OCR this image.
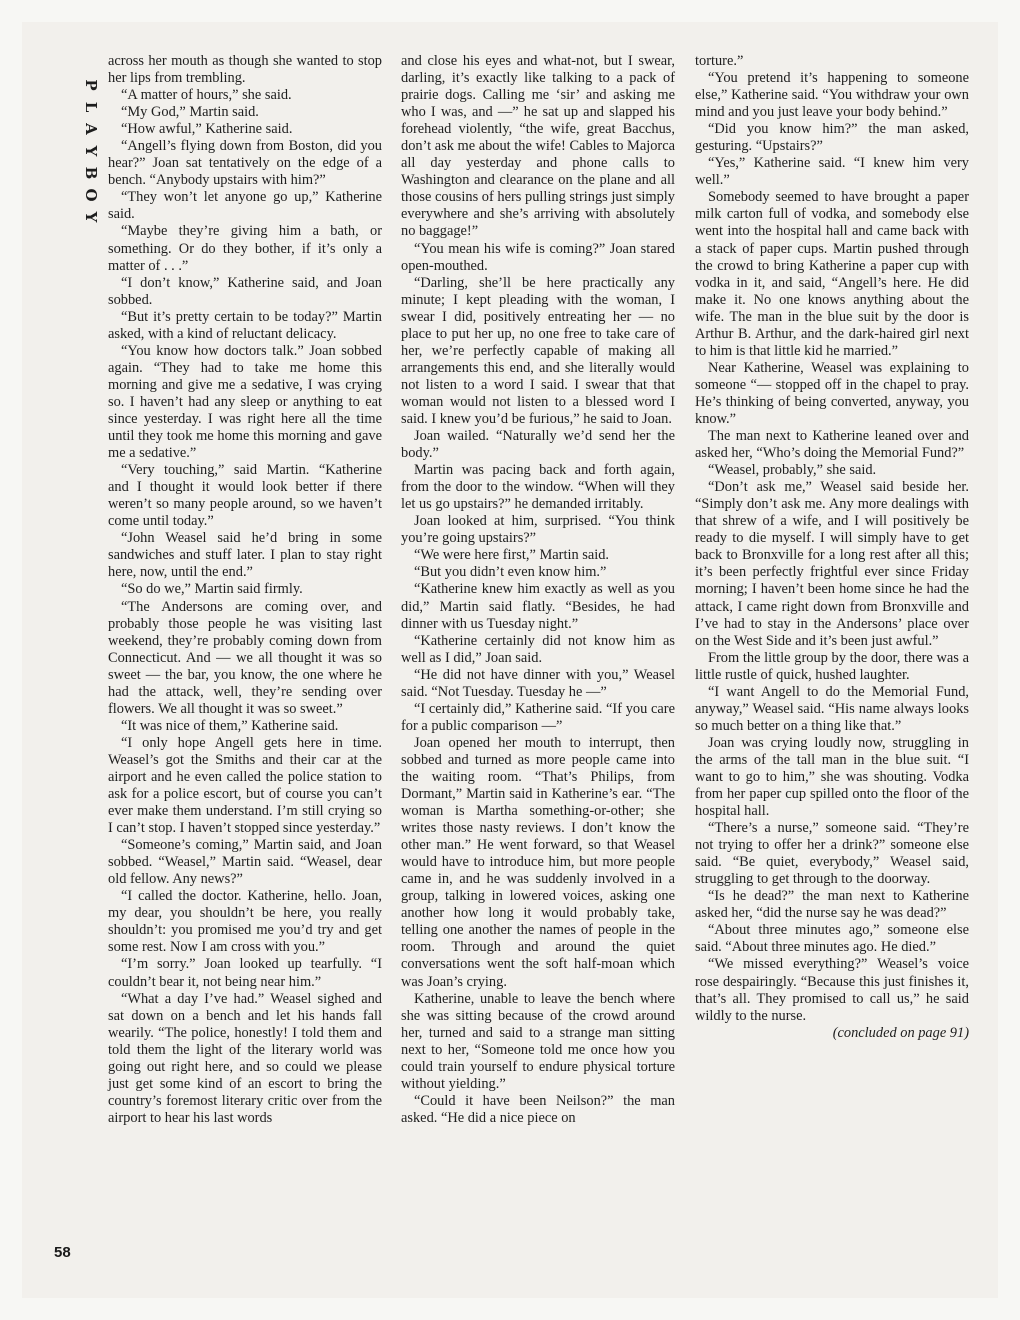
P
L
A
Y
B
O
Y
58

across her mouth as though she wanted to stop her lips from trembling.

“A matter of hours,” she said.

“My God,” Martin said.

“How awful,” Katherine said.

“Angell’s flying down from Boston, did you hear?” Joan sat tentatively on the edge of a bench. “Anybody upstairs with him?”

“They won’t let anyone go up,” Katherine said.

“Maybe they’re giving him a bath, or something. Or do they bother, if it’s only a matter of . . .”

“I don’t know,” Katherine said, and Joan sobbed.

“But it’s pretty certain to be today?” Martin asked, with a kind of reluctant delicacy.

“You know how doctors talk.” Joan sobbed again. “They had to take me home this morning and give me a sedative, I was crying so. I haven’t had any sleep or anything to eat since yesterday. I was right here all the time until they took me home this morning and gave me a sedative.”

“Very touching,” said Martin. “Katherine and I thought it would look better if there weren’t so many people around, so we haven’t come until today.”

“John Weasel said he’d bring in some sandwiches and stuff later. I plan to stay right here, now, until the end.”

“So do we,” Martin said firmly.

“The Andersons are coming over, and probably those people he was visiting last weekend, they’re probably coming down from Connecticut. And — we all thought it was so sweet — the bar, you know, the one where he had the attack, well, they’re sending over flowers. We all thought it was so sweet.”

“It was nice of them,” Katherine said.

“I only hope Angell gets here in time. Weasel’s got the Smiths and their car at the airport and he even called the police station to ask for a police escort, but of course you can’t ever make them understand. I’m still crying so I can’t stop. I haven’t stopped since yesterday.”

“Someone’s coming,” Martin said, and Joan sobbed. “Weasel,” Martin said. “Weasel, dear old fellow. Any news?”

“I called the doctor. Katherine, hello. Joan, my dear, you shouldn’t be here, you really shouldn’t: you promised me you’d try and get some rest. Now I am cross with you.”

“I’m sorry.” Joan looked up tearfully. “I couldn’t bear it, not being near him.”

“What a day I’ve had.” Weasel sighed and sat down on a bench and let his hands fall wearily. “The police, honestly! I told them and told them the light of the literary world was going out right here, and so could we please just get some kind of an escort to bring the country’s foremost literary critic over from the airport to hear his last words

and close his eyes and what-not, but I swear, darling, it’s exactly like talking to a pack of prairie dogs. Calling me ‘sir’ and asking me who I was, and —” he sat up and slapped his forehead violently, “the wife, great Bacchus, don’t ask me about the wife! Cables to Majorca all day yesterday and phone calls to Washington and clearance on the plane and all those cousins of hers pulling strings just simply everywhere and she’s arriving with absolutely no baggage!”

“You mean his wife is coming?” Joan stared open-mouthed.

“Darling, she’ll be here practically any minute; I kept pleading with the woman, I swear I did, positively entreating her — no place to put her up, no one free to take care of her, we’re perfectly capable of making all arrangements this end, and she literally would not listen to a word I said. I swear that that woman would not listen to a blessed word I said. I knew you’d be furious,” he said to Joan.

Joan wailed. “Naturally we’d send her the body.”

Martin was pacing back and forth again, from the door to the window. “When will they let us go upstairs?” he demanded irritably.

Joan looked at him, surprised. “You think you’re going upstairs?”

“We were here first,” Martin said.

“But you didn’t even know him.”

“Katherine knew him exactly as well as you did,” Martin said flatly. “Besides, he had dinner with us Tuesday night.”

“Katherine certainly did not know him as well as I did,” Joan said.

“He did not have dinner with you,” Weasel said. “Not Tuesday. Tuesday he —”

“I certainly did,” Katherine said. “If you care for a public comparison —”

Joan opened her mouth to interrupt, then sobbed and turned as more people came into the waiting room. “That’s Philips, from Dormant,” Martin said in Katherine’s ear. “The woman is Martha something-or-other; she writes those nasty reviews. I don’t know the other man.” He went forward, so that Weasel would have to introduce him, but more people came in, and he was suddenly involved in a group, talking in lowered voices, asking one another how long it would probably take, telling one another the names of people in the room. Through and around the quiet conversations went the soft half-moan which was Joan’s crying.

Katherine, unable to leave the bench where she was sitting because of the crowd around her, turned and said to a strange man sitting next to her, “Someone told me once how you could train yourself to endure physical torture without yielding.”

“Could it have been Neilson?” the man asked. “He did a nice piece on

torture.”

“You pretend it’s happening to someone else,” Katherine said. “You withdraw your own mind and you just leave your body behind.”

“Did you know him?” the man asked, gesturing. “Upstairs?”

“Yes,” Katherine said. “I knew him very well.”

Somebody seemed to have brought a paper milk carton full of vodka, and somebody else went into the hospital hall and came back with a stack of paper cups. Martin pushed through the crowd to bring Katherine a paper cup with vodka in it, and said, “Angell’s here. He did make it. No one knows anything about the wife. The man in the blue suit by the door is Arthur B. Arthur, and the dark-haired girl next to him is that little kid he married.”

Near Katherine, Weasel was explaining to someone “— stopped off in the chapel to pray. He’s thinking of being converted, anyway, you know.”

The man next to Katherine leaned over and asked her, “Who’s doing the Memorial Fund?”

“Weasel, probably,” she said.

“Don’t ask me,” Weasel said beside her. “Simply don’t ask me. Any more dealings with that shrew of a wife, and I will positively be ready to die myself. I will simply have to get back to Bronxville for a long rest after all this; it’s been perfectly frightful ever since Friday morning; I haven’t been home since he had the attack, I came right down from Bronxville and I’ve had to stay in the Andersons’ place over on the West Side and it’s been just awful.”

From the little group by the door, there was a little rustle of quick, hushed laughter.

“I want Angell to do the Memorial Fund, anyway,” Weasel said. “His name always looks so much better on a thing like that.”

Joan was crying loudly now, struggling in the arms of the tall man in the blue suit. “I want to go to him,” she was shouting. Vodka from her paper cup spilled onto the floor of the hospital hall.

“There’s a nurse,” someone said. “They’re not trying to offer her a drink?” someone else said. “Be quiet, everybody,” Weasel said, struggling to get through to the doorway.

“Is he dead?” the man next to Katherine asked her, “did the nurse say he was dead?”

“About three minutes ago,” someone else said. “About three minutes ago. He died.”

“We missed everything?” Weasel’s voice rose despairingly. “Because this just finishes it, that’s all. They promised to call us,” he said wildly to the nurse.

(concluded on page 91)
